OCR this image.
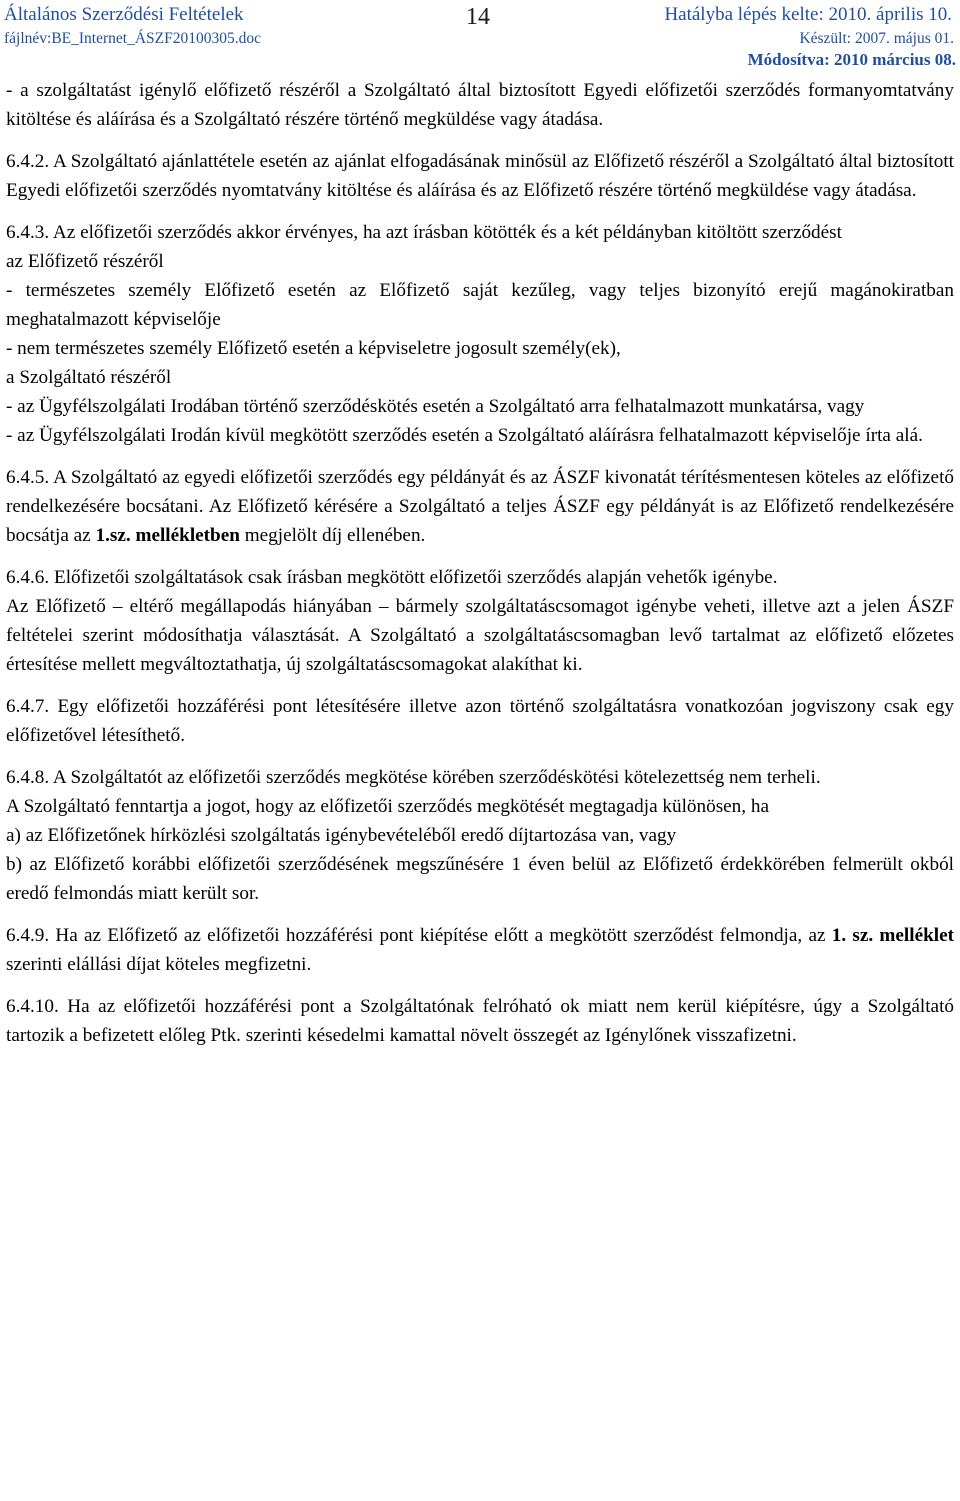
Általános Szerződési Feltételek
fájlnév:BE_Internet_ÁSZF20100305.doc
14	Hatályba lépés kelte: 2010. április 10.
Készült: 2007. május 01.
Módosítva: 2010 március 08.

- a szolgáltatást igénylő előfizető részéről a Szolgáltató által biztosított Egyedi előfizetői szerződés formanyomtatvány kitöltése és aláírása és a Szolgáltató részére történő megküldése vagy átadása.

6.4.2. A Szolgáltató ajánlattétele esetén az ajánlat elfogadásának minősül az Előfizető részéről a Szolgáltató által biztosított Egyedi előfizetői szerződés nyomtatvány kitöltése és aláírása és az Előfizető részére történő megküldése vagy átadása.

6.4.3. Az előfizetői szerződés akkor érvényes, ha azt írásban kötötték és a két példányban kitöltött szerződést

az Előfizető részéről

- természetes személy Előfizető esetén az Előfizető saját kezűleg, vagy teljes bizonyító erejű magánokiratban meghatalmazott képviselője

- nem természetes személy Előfizető esetén a képviseletre jogosult személy(ek),

a Szolgáltató részéről

- az Ügyfélszolgálati Irodában történő szerződéskötés esetén a Szolgáltató arra felhatalmazott munkatársa, vagy

- az Ügyfélszolgálati Irodán kívül megkötött szerződés esetén a Szolgáltató aláírásra felhatalmazott képviselője írta alá.

6.4.5. A Szolgáltató az egyedi előfizetői szerződés egy példányát és az ÁSZF kivonatát térítésmentesen köteles az előfizető rendelkezésére bocsátani. Az Előfizető kérésére a Szolgáltató a teljes ÁSZF egy példányát is az Előfizető rendelkezésére bocsátja az 1.sz. mellékletben megjelölt díj ellenében.

6.4.6. Előfizetői szolgáltatások csak írásban megkötött előfizetői szerződés alapján vehetők igénybe.

Az Előfizető – eltérő megállapodás hiányában – bármely szolgáltatáscsomagot igénybe veheti, illetve azt a jelen ÁSZF feltételei szerint módosíthatja választását. A Szolgáltató a szolgáltatáscsomagban levő tartalmat az előfizető előzetes értesítése mellett megváltoztathatja, új szolgáltatáscsomagokat alakíthat ki.

6.4.7. Egy előfizetői hozzáférési pont létesítésére illetve azon történő szolgáltatásra vonatkozóan jogviszony csak egy előfizetővel létesíthető.

6.4.8. A Szolgáltatót az előfizetői szerződés megkötése körében szerződéskötési kötelezettség nem terheli.

A Szolgáltató fenntartja a jogot, hogy az előfizetői szerződés megkötését megtagadja különösen, ha

a) az Előfizetőnek hírközlési szolgáltatás igénybevételéből eredő díjtartozása van, vagy

b) az Előfizető korábbi előfizetői szerződésének megszűnésére 1 éven belül az Előfizető érdekkörében felmerült okból eredő felmondás miatt került sor.

6.4.9. Ha az Előfizető az előfizetői hozzáférési pont kiépítése előtt a megkötött szerződést felmondja, az 1. sz. melléklet szerinti elállási díjat köteles megfizetni.

6.4.10. Ha az előfizetői hozzáférési pont a Szolgáltatónak felróható ok miatt nem kerül kiépítésre, úgy a Szolgáltató tartozik a befizetett előleg Ptk. szerinti késedelmi kamattal növelt összegét az Igénylőnek visszafizetni.
